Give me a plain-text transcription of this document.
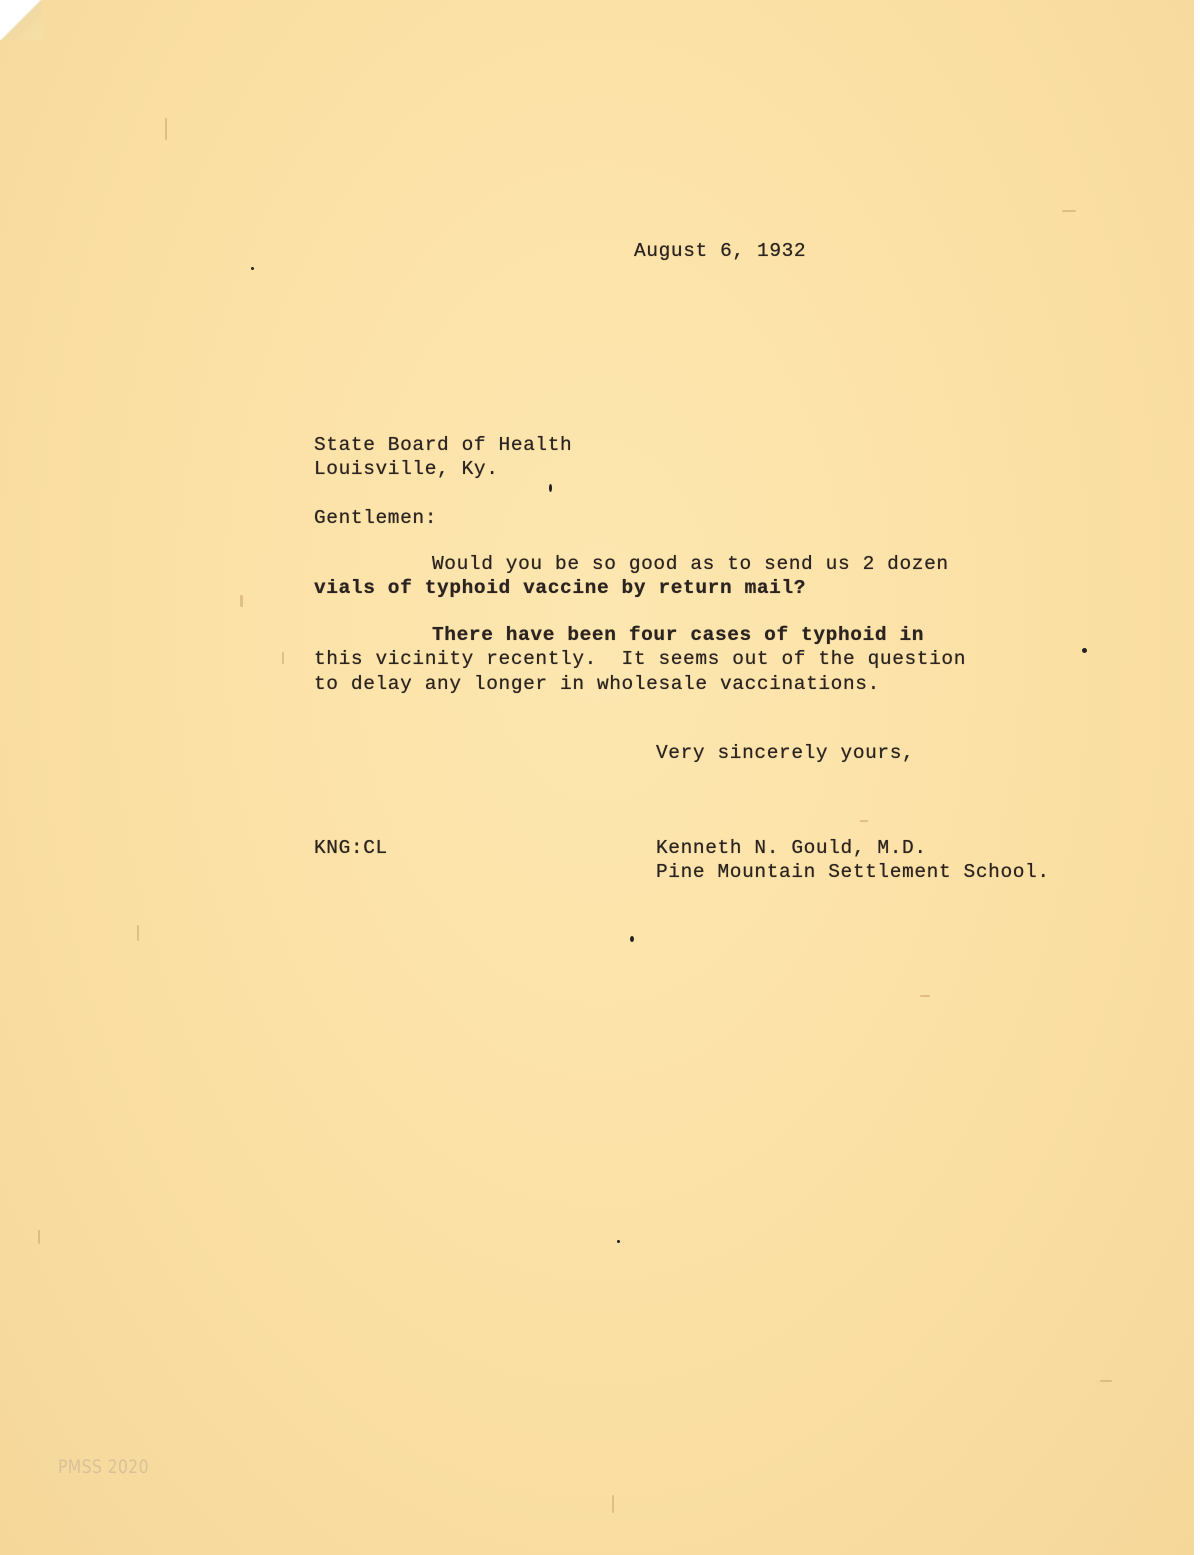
August 6, 1932
State Board of Health
Louisville, Ky.
Gentlemen:
Would you be so good as to send us 2 dozen
vials of typhoid vaccine by return mail?
There have been four cases of typhoid in
this vicinity recently.  It seems out of the question
to delay any longer in wholesale vaccinations.
Very sincerely yours,
KNG:CL	Kenneth N. Gould, M.D.
Pine Mountain Settlement School.
PMSS 2020
